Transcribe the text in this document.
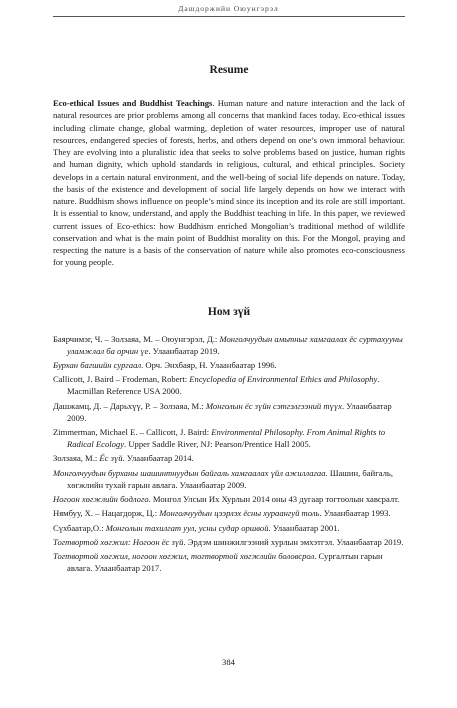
Дашдоржийн Оюунгэрэл
Resume

Eco-ethical Issues and Buddhist Teachings. Human nature and nature interaction and the lack of natural resources are prior problems among all concerns that mankind faces today. Eco-ethical issues including climate change, global warming, depletion of water resources, improper use of natural resources, endangered species of forests, herbs, and others depend on one’s own immoral behaviour. They are evolving into a pluralistic idea that seeks to solve problems based on justice, human rights and human dignity, which uphold standards in religious, cultural, and ethical principles. Society develops in a certain natural environment, and the well-being of social life depends on nature. Today, the basis of the existence and development of social life largely depends on how we interact with nature. Buddhism shows influence on people’s mind since its inception and its role are still important. It is essential to know, understand, and apply the Buddhist teaching in life. In this paper, we reviewed current issues of Eco-ethics: how Buddhism enriched Mongolian’s traditional method of wildlife conservation and what is the main point of Buddhist morality on this. For the Mongol, praying and respecting the nature is a basis of the conservation of nature while also promotes eco-consciousness for young people.

Ном зүй

Баярчимэг, Ч. – Золзаяа, М. – Оюунгэрэл, Д.: Монголчуудын амьтныг хамгаалах ёс суртахууны уламжлал ба орчин үе. Улаанбаатар 2019.

Бурхан багшийн сургаал. Орч. Энхбаяр, Н. Улаанбаатар 1996.

Callicott, J. Baird – Frodeman, Robert: Encyclopedia of Environmental Ethics and Philosophy. Macmillan Reference USA 2000.

Дашжамц, Д. – Дарьхүү, Р. – Золзаяа, М.: Монголын ёс зүйн сэтгэлгээний түүх. Улаанбаатар 2009.

Zimmerman, Michael E. – Callicott, J. Baird: Environmental Philosophy. From Animal Rights to Radical Ecology. Upper Saddle River, NJ: Pearson/Prentice Hall 2005.

Золзаяа, М.: Ёс зүй. Улаанбаатар 2014.

Монголчуудын бурханы шашинтнуудын байгаль хамгаалах үйл ажиллагаа. Шашин, байгаль, хөгжлийн тухай гарын авлага. Улаанбаатар 2009.

Ногоон хөгжлийн бодлого. Монгол Улсын Их Хурлын 2014 оны 43 дугаар тогтоолын хавсралт.

Нямбуу, Х. – Нацагдорж, Ц.: Монголчуудын цээрлэх ёсны хураангуй толь. Улаанбаатар 1993.

Сүхбаатар,О.: Монголын тахилгат уул, усны судар оршвой. Улаанбаатар 2001.

Тогтвортой хөгжил: Ногоон ёс зүй. Эрдэм шинжилгээний хурлын эмхэтгэл. Улаанбаатар 2019.

Тогтвортой хөгжил, ногоон хөгжил, тогтвортой хөгжлийн боловсрол. Сургалтын гарын авлага. Улаанбаатар 2017.

384
